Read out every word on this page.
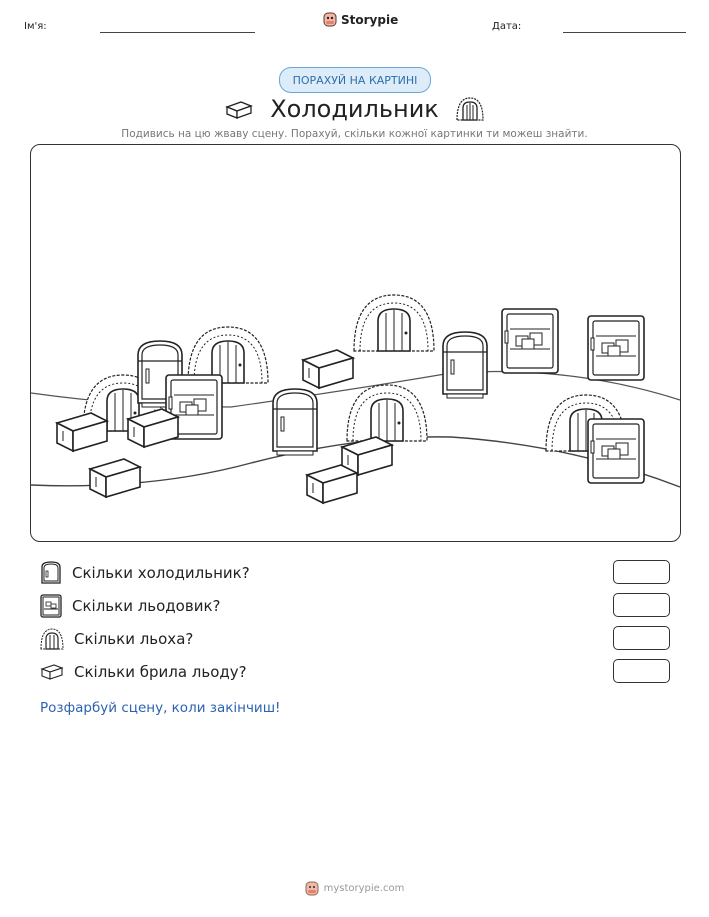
Ім'я:	Storypie	Дата:
ПОРАХУЙ НА КАРТИНІ
Холодильник
Подивись на цю жваву сцену. Порахуй, скільки кожної картинки ти можеш знайти.
Скільки холодильник?
Скільки льодовик?
Скільки льоха?
Скільки брила льоду?
Розфарбуй сцену, коли закінчиш!
mystorypie.com
